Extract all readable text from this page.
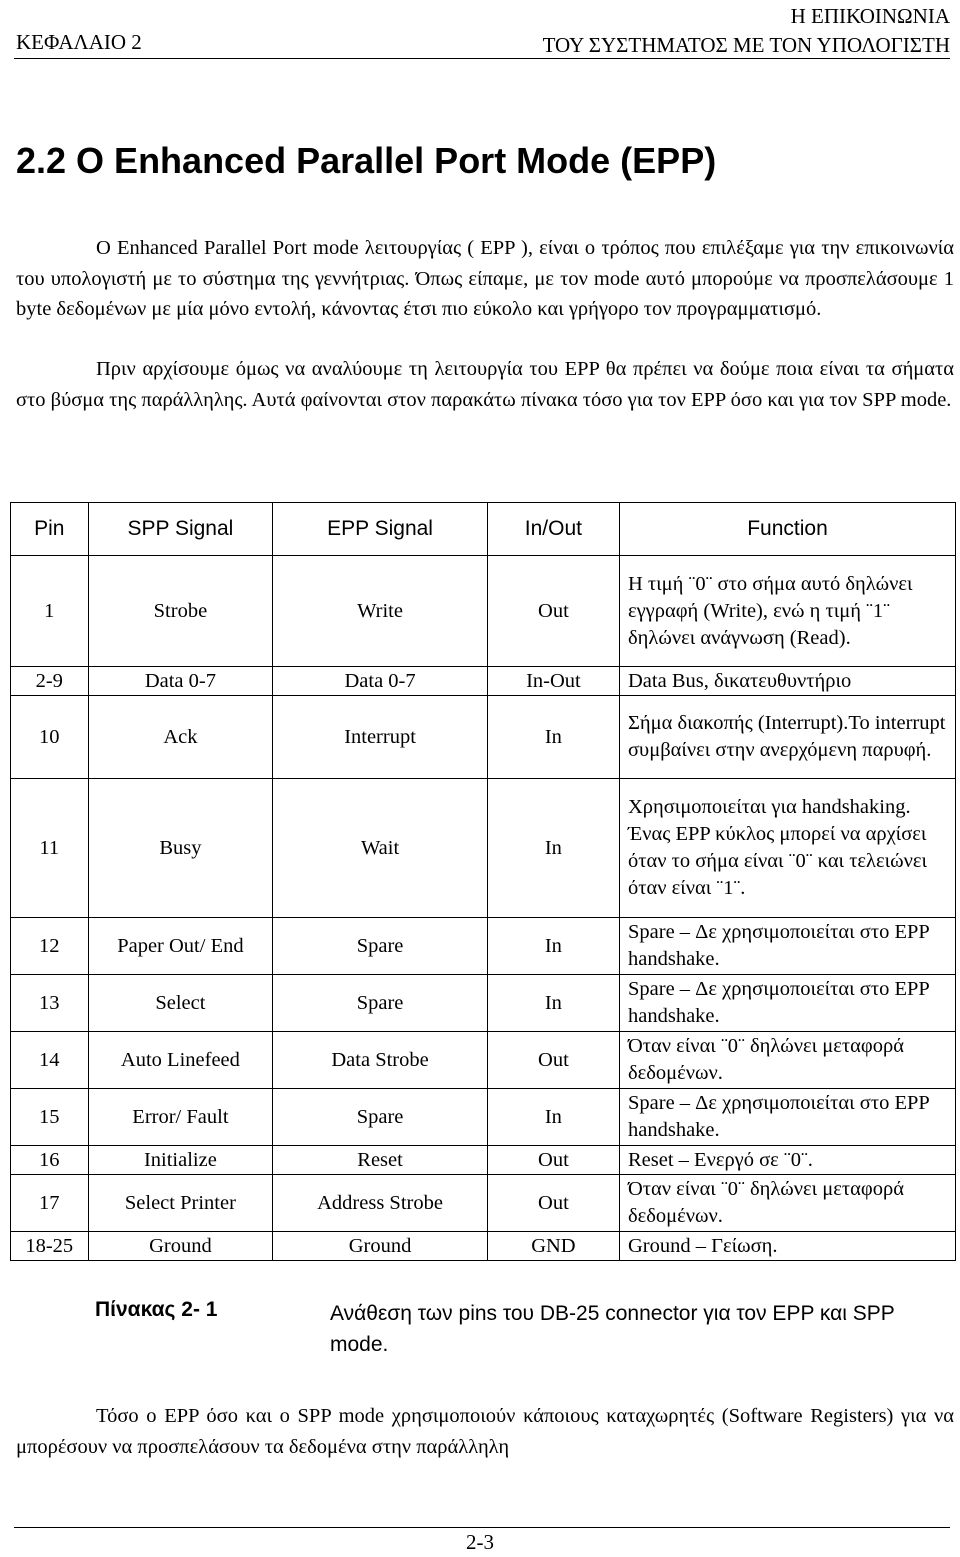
ΚΕΦΑΛΑΙΟ 2
Η ΕΠΙΚΟΙΝΩΝΙΑ
ΤΟΥ ΣΥΣΤΗΜΑΤΟΣ ΜΕ ΤΟΝ ΥΠΟΛΟΓΙΣΤΗ
2.2 Ο Enhanced Parallel Port Mode (EPP)

Ο Enhanced Parallel Port mode λειτουργίας ( EPP ), είναι ο τρόπος που επιλέξαμε για την επικοινωνία του υπολογιστή με το σύστημα της γεννήτριας. Όπως είπαμε, με τον mode αυτό μπορούμε να προσπελάσουμε 1 byte δεδομένων με μία μόνο εντολή, κάνοντας έτσι πιο εύκολο και γρήγορο τον προγραμματισμό.

Πριν αρχίσουμε όμως να αναλύουμε τη λειτουργία του EPP θα πρέπει να δούμε ποια είναι τα σήματα στο βύσμα της παράλληλης. Αυτά φαίνονται στον παρακάτω πίνακα τόσο για τον EPP όσο και για τον SPP mode.

Pin	SPP Signal	EPP Signal	In/Out	Function
1	Strobe	Write	Out	Η τιμή ¨0¨ στο σήμα αυτό δηλώνει εγγραφή (Write), ενώ η τιμή ¨1¨ δηλώνει ανάγνωση (Read).
2-9	Data 0-7	Data 0-7	In-Out	Data Bus, δικατευθυντήριο
10	Ack	Interrupt	In	Σήμα διακοπής (Interrupt).Το interrupt συμβαίνει στην ανερχόμενη παρυφή.
11	Busy	Wait	In	Χρησιμοποιείται για handshaking. Ένας EPP κύκλος μπορεί να αρχίσει όταν το σήμα είναι ¨0¨ και τελειώνει όταν είναι ¨1¨.
12	Paper Out/ End	Spare	In	Spare – Δε χρησιμοποιείται στο EPP handshake.
13	Select	Spare	In	Spare – Δε χρησιμοποιείται στο EPP handshake.
14	Auto Linefeed	Data Strobe	Out	Όταν είναι ¨0¨ δηλώνει μεταφορά δεδομένων.
15	Error/ Fault	Spare	In	Spare – Δε χρησιμοποιείται στο EPP handshake.
16	Initialize	Reset	Out	Reset – Ενεργό σε ¨0¨.
17	Select Printer	Address Strobe	Out	Όταν είναι ¨0¨ δηλώνει μεταφορά δεδομένων.
18-25	Ground	Ground	GND	Ground – Γείωση.
Πίνακας 2- 1	Ανάθεση των pins του DB-25 connector για τον EPP και SPP mode.

Τόσο ο EPP όσο και ο SPP mode χρησιμοποιούν κάποιους καταχωρητές (Software Registers) για να μπορέσουν να προσπελάσουν τα δεδομένα στην παράλληλη

2-3
